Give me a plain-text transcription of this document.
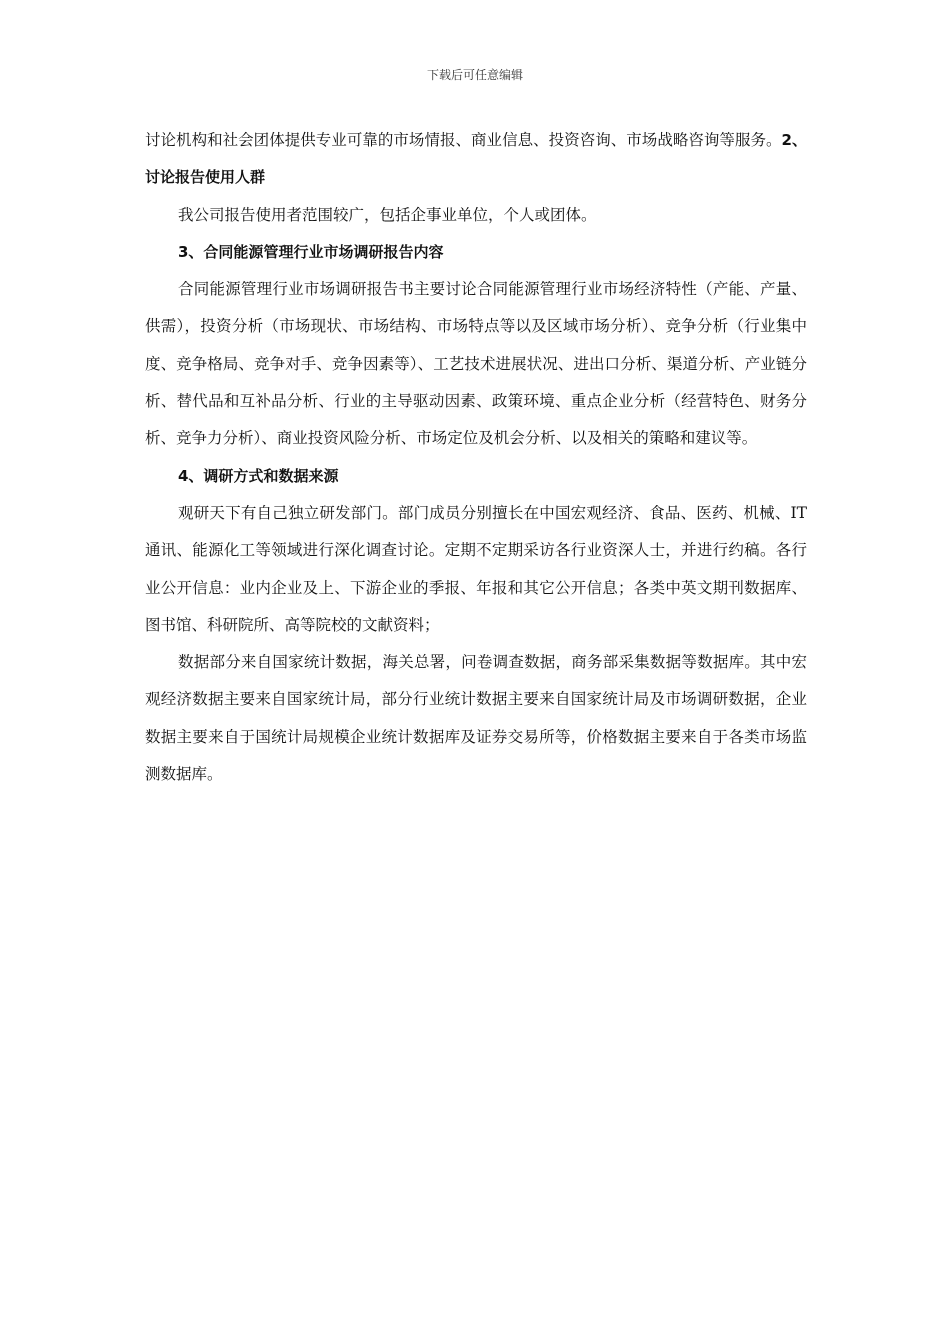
下载后可任意编辑

讨论机构和社会团体提供专业可靠的市场情报、商业信息、投资咨询、市场战略咨询等服务。2、讨论报告使用人群

我公司报告使用者范围较广，包括企事业单位，个人或团体。

3、合同能源管理行业市场调研报告内容

合同能源管理行业市场调研报告书主要讨论合同能源管理行业市场经济特性（产能、产量、供需），投资分析（市场现状、市场结构、市场特点等以及区域市场分析）、竞争分析（行业集中度、竞争格局、竞争对手、竞争因素等）、工艺技术进展状况、进出口分析、渠道分析、产业链分析、替代品和互补品分析、行业的主导驱动因素、政策环境、重点企业分析（经营特色、财务分析、竞争力分析）、商业投资风险分析、市场定位及机会分析、以及相关的策略和建议等。

4、调研方式和数据来源

观研天下有自己独立研发部门。部门成员分别擅长在中国宏观经济、食品、医药、机械、IT通讯、能源化工等领域进行深化调查讨论。定期不定期采访各行业资深人士，并进行约稿。各行业公开信息：业内企业及上、下游企业的季报、年报和其它公开信息；各类中英文期刊数据库、图书馆、科研院所、高等院校的文献资料；

数据部分来自国家统计数据，海关总署，问卷调查数据，商务部采集数据等数据库。其中宏观经济数据主要来自国家统计局，部分行业统计数据主要来自国家统计局及市场调研数据，企业数据主要来自于国统计局规模企业统计数据库及证券交易所等，价格数据主要来自于各类市场监测数据库。
